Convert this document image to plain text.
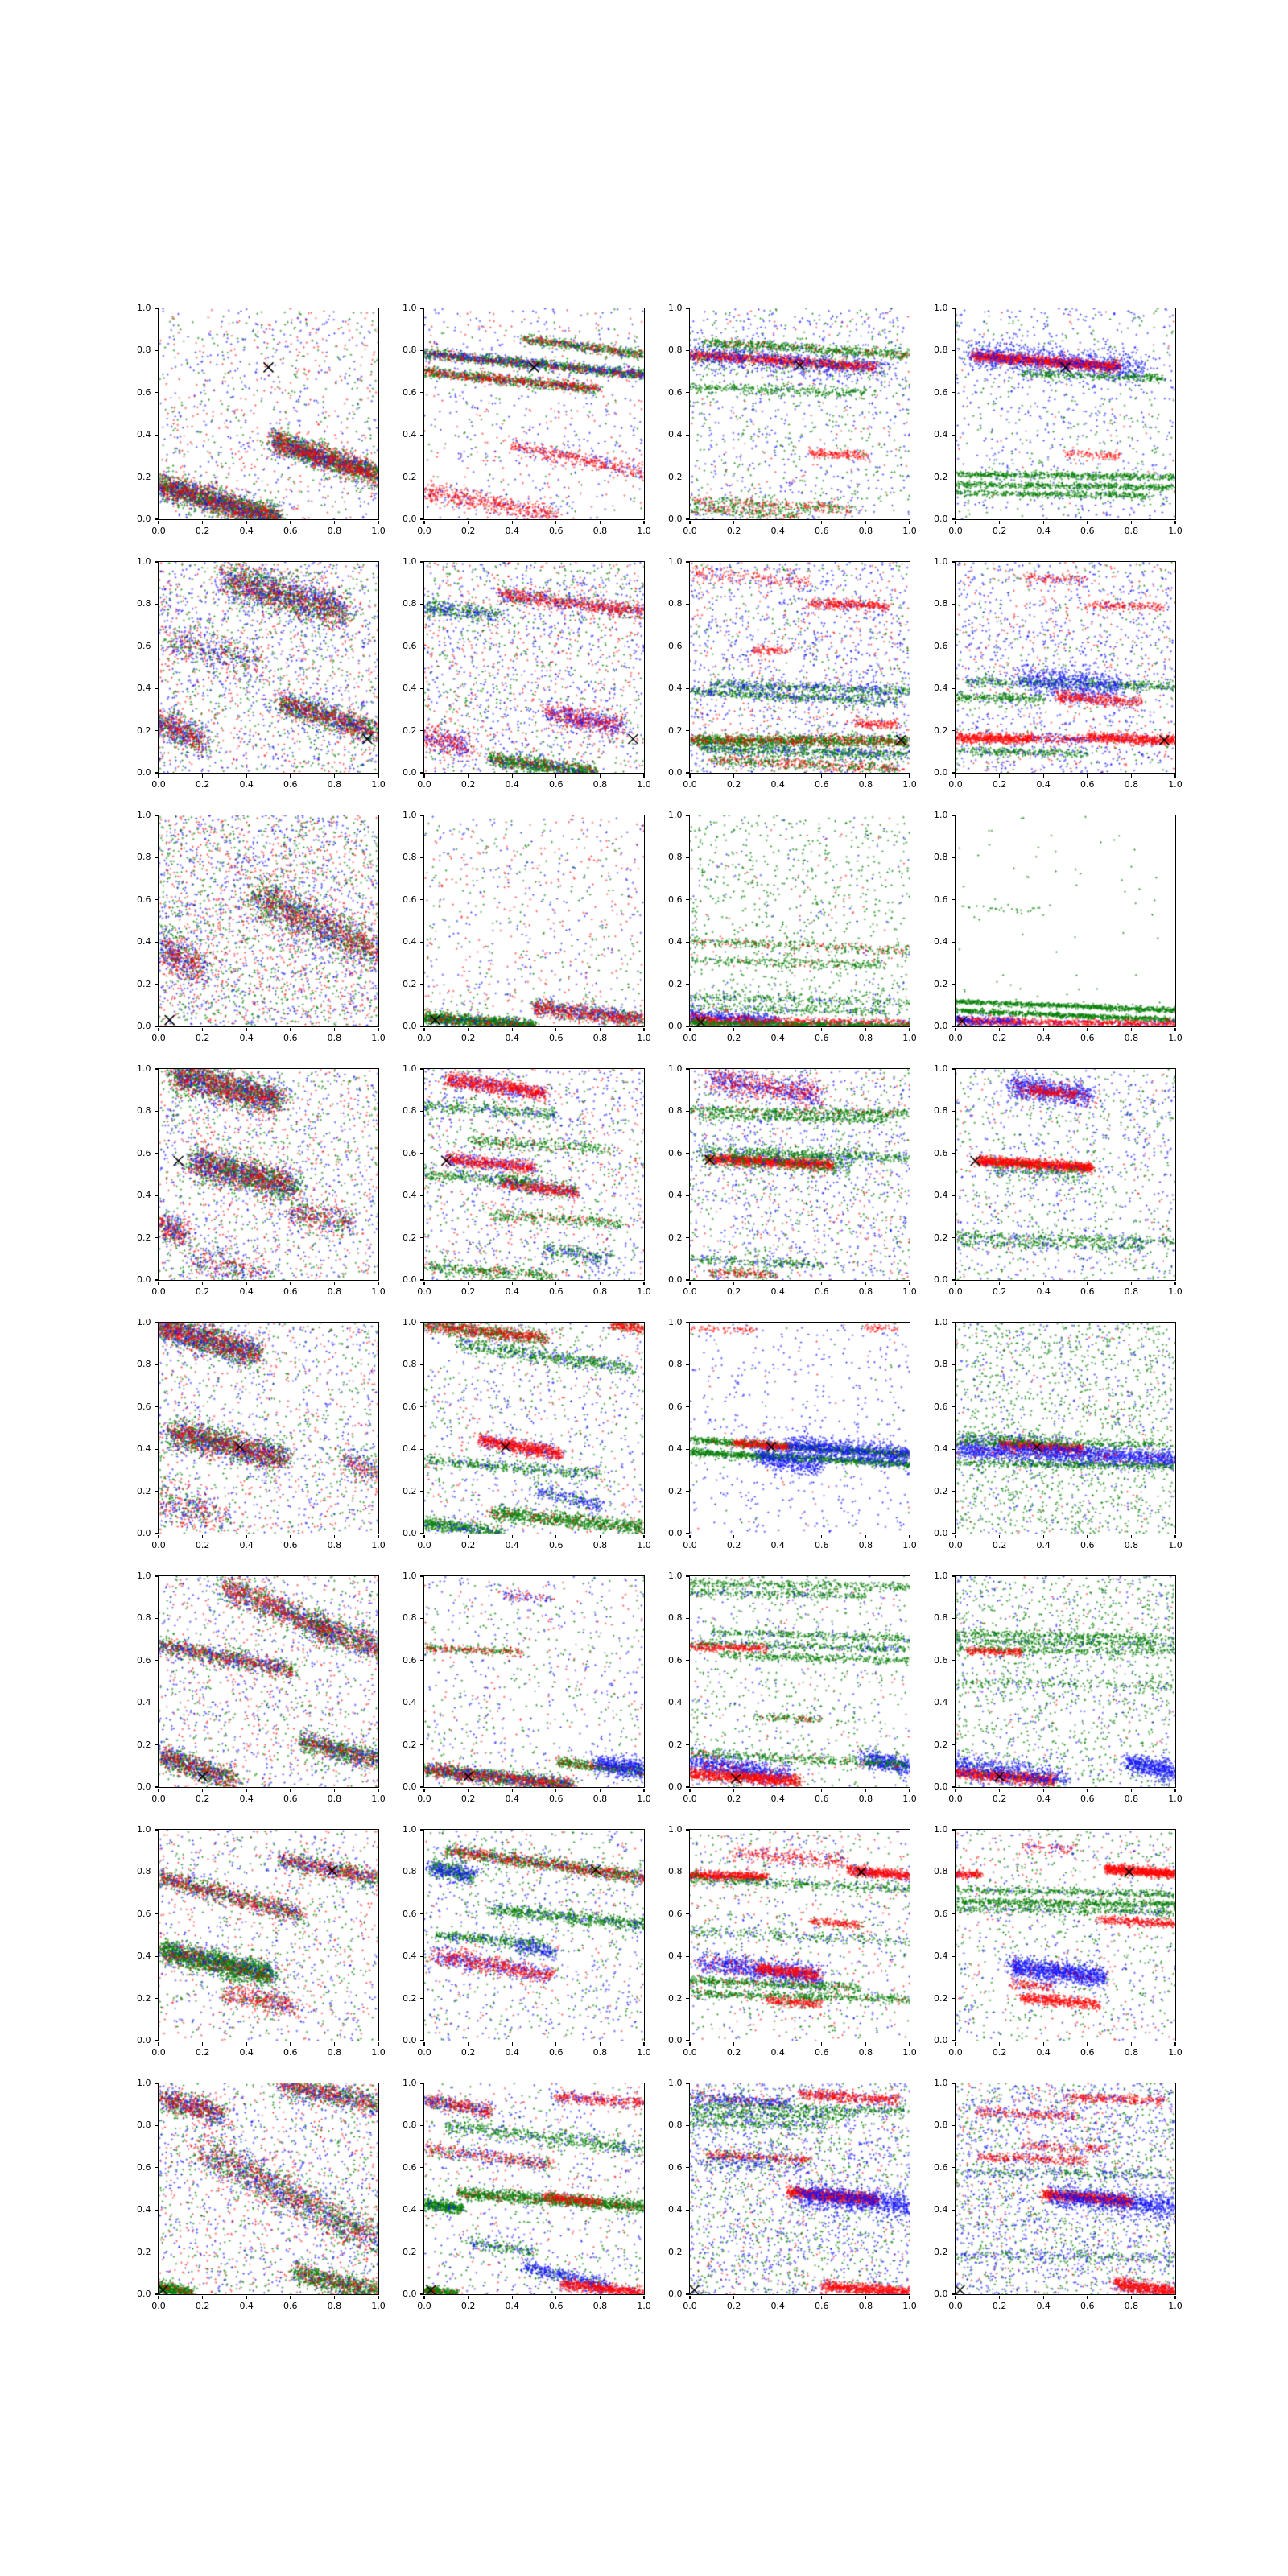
0.0	0.2	0.4	0.6	0.8	1.0
0.0
0.2
0.4
0.6
0.8
1.0
0.0	0.2	0.4	0.6	0.8	1.0
0.0
0.2
0.4
0.6
0.8
1.0
0.0	0.2	0.4	0.6	0.8	1.0
0.0
0.2
0.4
0.6
0.8
1.0
0.0	0.2	0.4	0.6	0.8	1.0
0.0
0.2
0.4
0.6
0.8
1.0
0.0	0.2	0.4	0.6	0.8	1.0
0.0
0.2
0.4
0.6
0.8
1.0
0.0	0.2	0.4	0.6	0.8	1.0
0.0
0.2
0.4
0.6
0.8
1.0
0.0	0.2	0.4	0.6	0.8	1.0
0.0
0.2
0.4
0.6
0.8
1.0
0.0	0.2	0.4	0.6	0.8	1.0
0.0
0.2
0.4
0.6
0.8
1.0
0.0	0.2	0.4	0.6	0.8	1.0
0.0
0.2
0.4
0.6
0.8
1.0
0.0	0.2	0.4	0.6	0.8	1.0
0.0
0.2
0.4
0.6
0.8
1.0
0.0	0.2	0.4	0.6	0.8	1.0
0.0
0.2
0.4
0.6
0.8
1.0
0.0	0.2	0.4	0.6	0.8	1.0
0.0
0.2
0.4
0.6
0.8
1.0
0.0	0.2	0.4	0.6	0.8	1.0
0.0
0.2
0.4
0.6
0.8
1.0
0.0	0.2	0.4	0.6	0.8	1.0
0.0
0.2
0.4
0.6
0.8
1.0
0.0	0.2	0.4	0.6	0.8	1.0
0.0
0.2
0.4
0.6
0.8
1.0
0.0	0.2	0.4	0.6	0.8	1.0
0.0
0.2
0.4
0.6
0.8
1.0
0.0	0.2	0.4	0.6	0.8	1.0
0.0
0.2
0.4
0.6
0.8
1.0
0.0	0.2	0.4	0.6	0.8	1.0
0.0
0.2
0.4
0.6
0.8
1.0
0.0	0.2	0.4	0.6	0.8	1.0
0.0
0.2
0.4
0.6
0.8
1.0
0.0	0.2	0.4	0.6	0.8	1.0
0.0
0.2
0.4
0.6
0.8
1.0
0.0	0.2	0.4	0.6	0.8	1.0
0.0
0.2
0.4
0.6
0.8
1.0
0.0	0.2	0.4	0.6	0.8	1.0
0.0
0.2
0.4
0.6
0.8
1.0
0.0	0.2	0.4	0.6	0.8	1.0
0.0
0.2
0.4
0.6
0.8
1.0
0.0	0.2	0.4	0.6	0.8	1.0
0.0
0.2
0.4
0.6
0.8
1.0
0.0	0.2	0.4	0.6	0.8	1.0
0.0
0.2
0.4
0.6
0.8
1.0
0.0	0.2	0.4	0.6	0.8	1.0
0.0
0.2
0.4
0.6
0.8
1.0
0.0	0.2	0.4	0.6	0.8	1.0
0.0
0.2
0.4
0.6
0.8
1.0
0.0	0.2	0.4	0.6	0.8	1.0
0.0
0.2
0.4
0.6
0.8
1.0
0.0	0.2	0.4	0.6	0.8	1.0
0.0
0.2
0.4
0.6
0.8
1.0
0.0	0.2	0.4	0.6	0.8	1.0
0.0
0.2
0.4
0.6
0.8
1.0
0.0	0.2	0.4	0.6	0.8	1.0
0.0
0.2
0.4
0.6
0.8
1.0
0.0	0.2	0.4	0.6	0.8	1.0
0.0
0.2
0.4
0.6
0.8
1.0
